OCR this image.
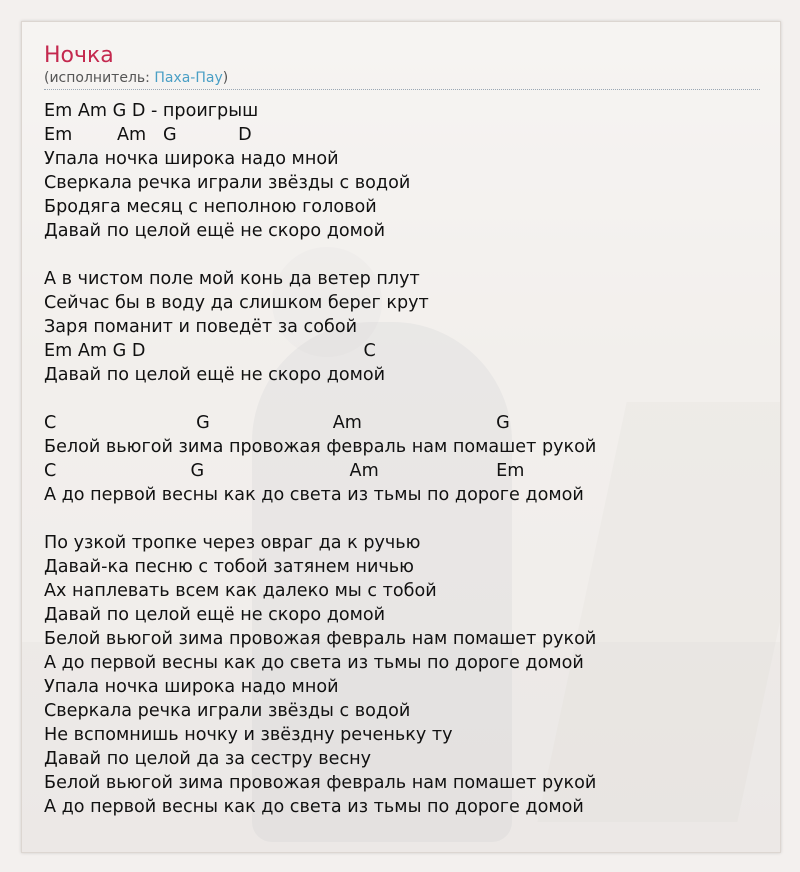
Ночка
(исполнитель: Паха-Пау)
Em Am G D - проигрыш
Em        Am   G           D
Упала ночка широка надо мной
Сверкала речка играли звёзды с водой
Бродяга месяц с неполною головой
Давай по целой ещё не скоро домой

А в чистом поле мой конь да ветер плут
Сейчас бы в воду да слишком берег крут
Заря поманит и поведёт за собой
Em Am G D                                       C
Давай по целой ещё не скоро домой

C                         G                      Am                        G
Белой вьюгой зима провожая февраль нам помашет рукой
C                        G                          Am                     Em
А до первой весны как до света из тьмы по дороге домой

По узкой тропке через овраг да к ручью
Давай-ка песню с тобой затянем ничью
Ах наплевать всем как далеко мы с тобой
Давай по целой ещё не скоро домой
Белой вьюгой зима провожая февраль нам помашет рукой
А до первой весны как до света из тьмы по дороге домой
Упала ночка широка надо мной
Сверкала речка играли звёзды с водой
Не вспомнишь ночку и звёздну реченьку ту
Давай по целой да за сестру весну
Белой вьюгой зима провожая февраль нам помашет рукой
А до первой весны как до света из тьмы по дороге домой
